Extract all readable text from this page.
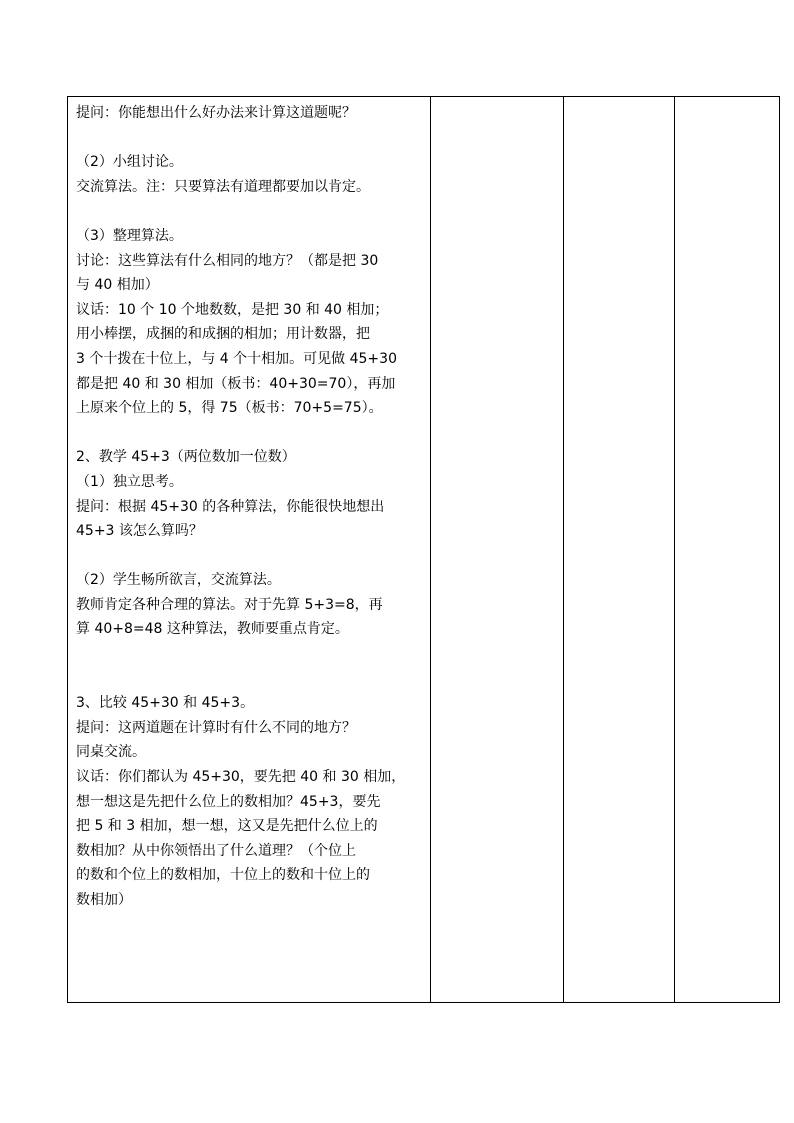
提问：你能想出什么好办法来计算这道题呢？
（2）小组讨论。
交流算法。注：只要算法有道理都要加以肯定。
（3）整理算法。
讨论：这些算法有什么相同的地方？（都是把 30
与 40 相加）
议话：10 个 10 个地数数，是把 30 和 40 相加；
用小棒摆，成捆的和成捆的相加；用计数器，把
3 个十拨在十位上，与 4 个十相加。可见做 45+30
都是把 40 和 30 相加（板书：40+30=70），再加
上原来个位上的 5，得 75（板书：70+5=75）。
2、教学 45+3（两位数加一位数）
（1）独立思考。
提问：根据 45+30 的各种算法，你能很快地想出
45+3 该怎么算吗？
（2）学生畅所欲言，交流算法。
教师肯定各种合理的算法。对于先算 5+3=8，再
算 40+8=48 这种算法，教师要重点肯定。
3、比较 45+30 和 45+3。
提问：这两道题在计算时有什么不同的地方？
同桌交流。
议话：你们都认为 45+30，要先把 40 和 30 相加，
想一想这是先把什么位上的数相加？45+3，要先
把 5 和 3 相加，想一想，这又是先把什么位上的
数相加？从中你领悟出了什么道理？（个位上
的数和个位上的数相加，十位上的数和十位上的
数相加）
